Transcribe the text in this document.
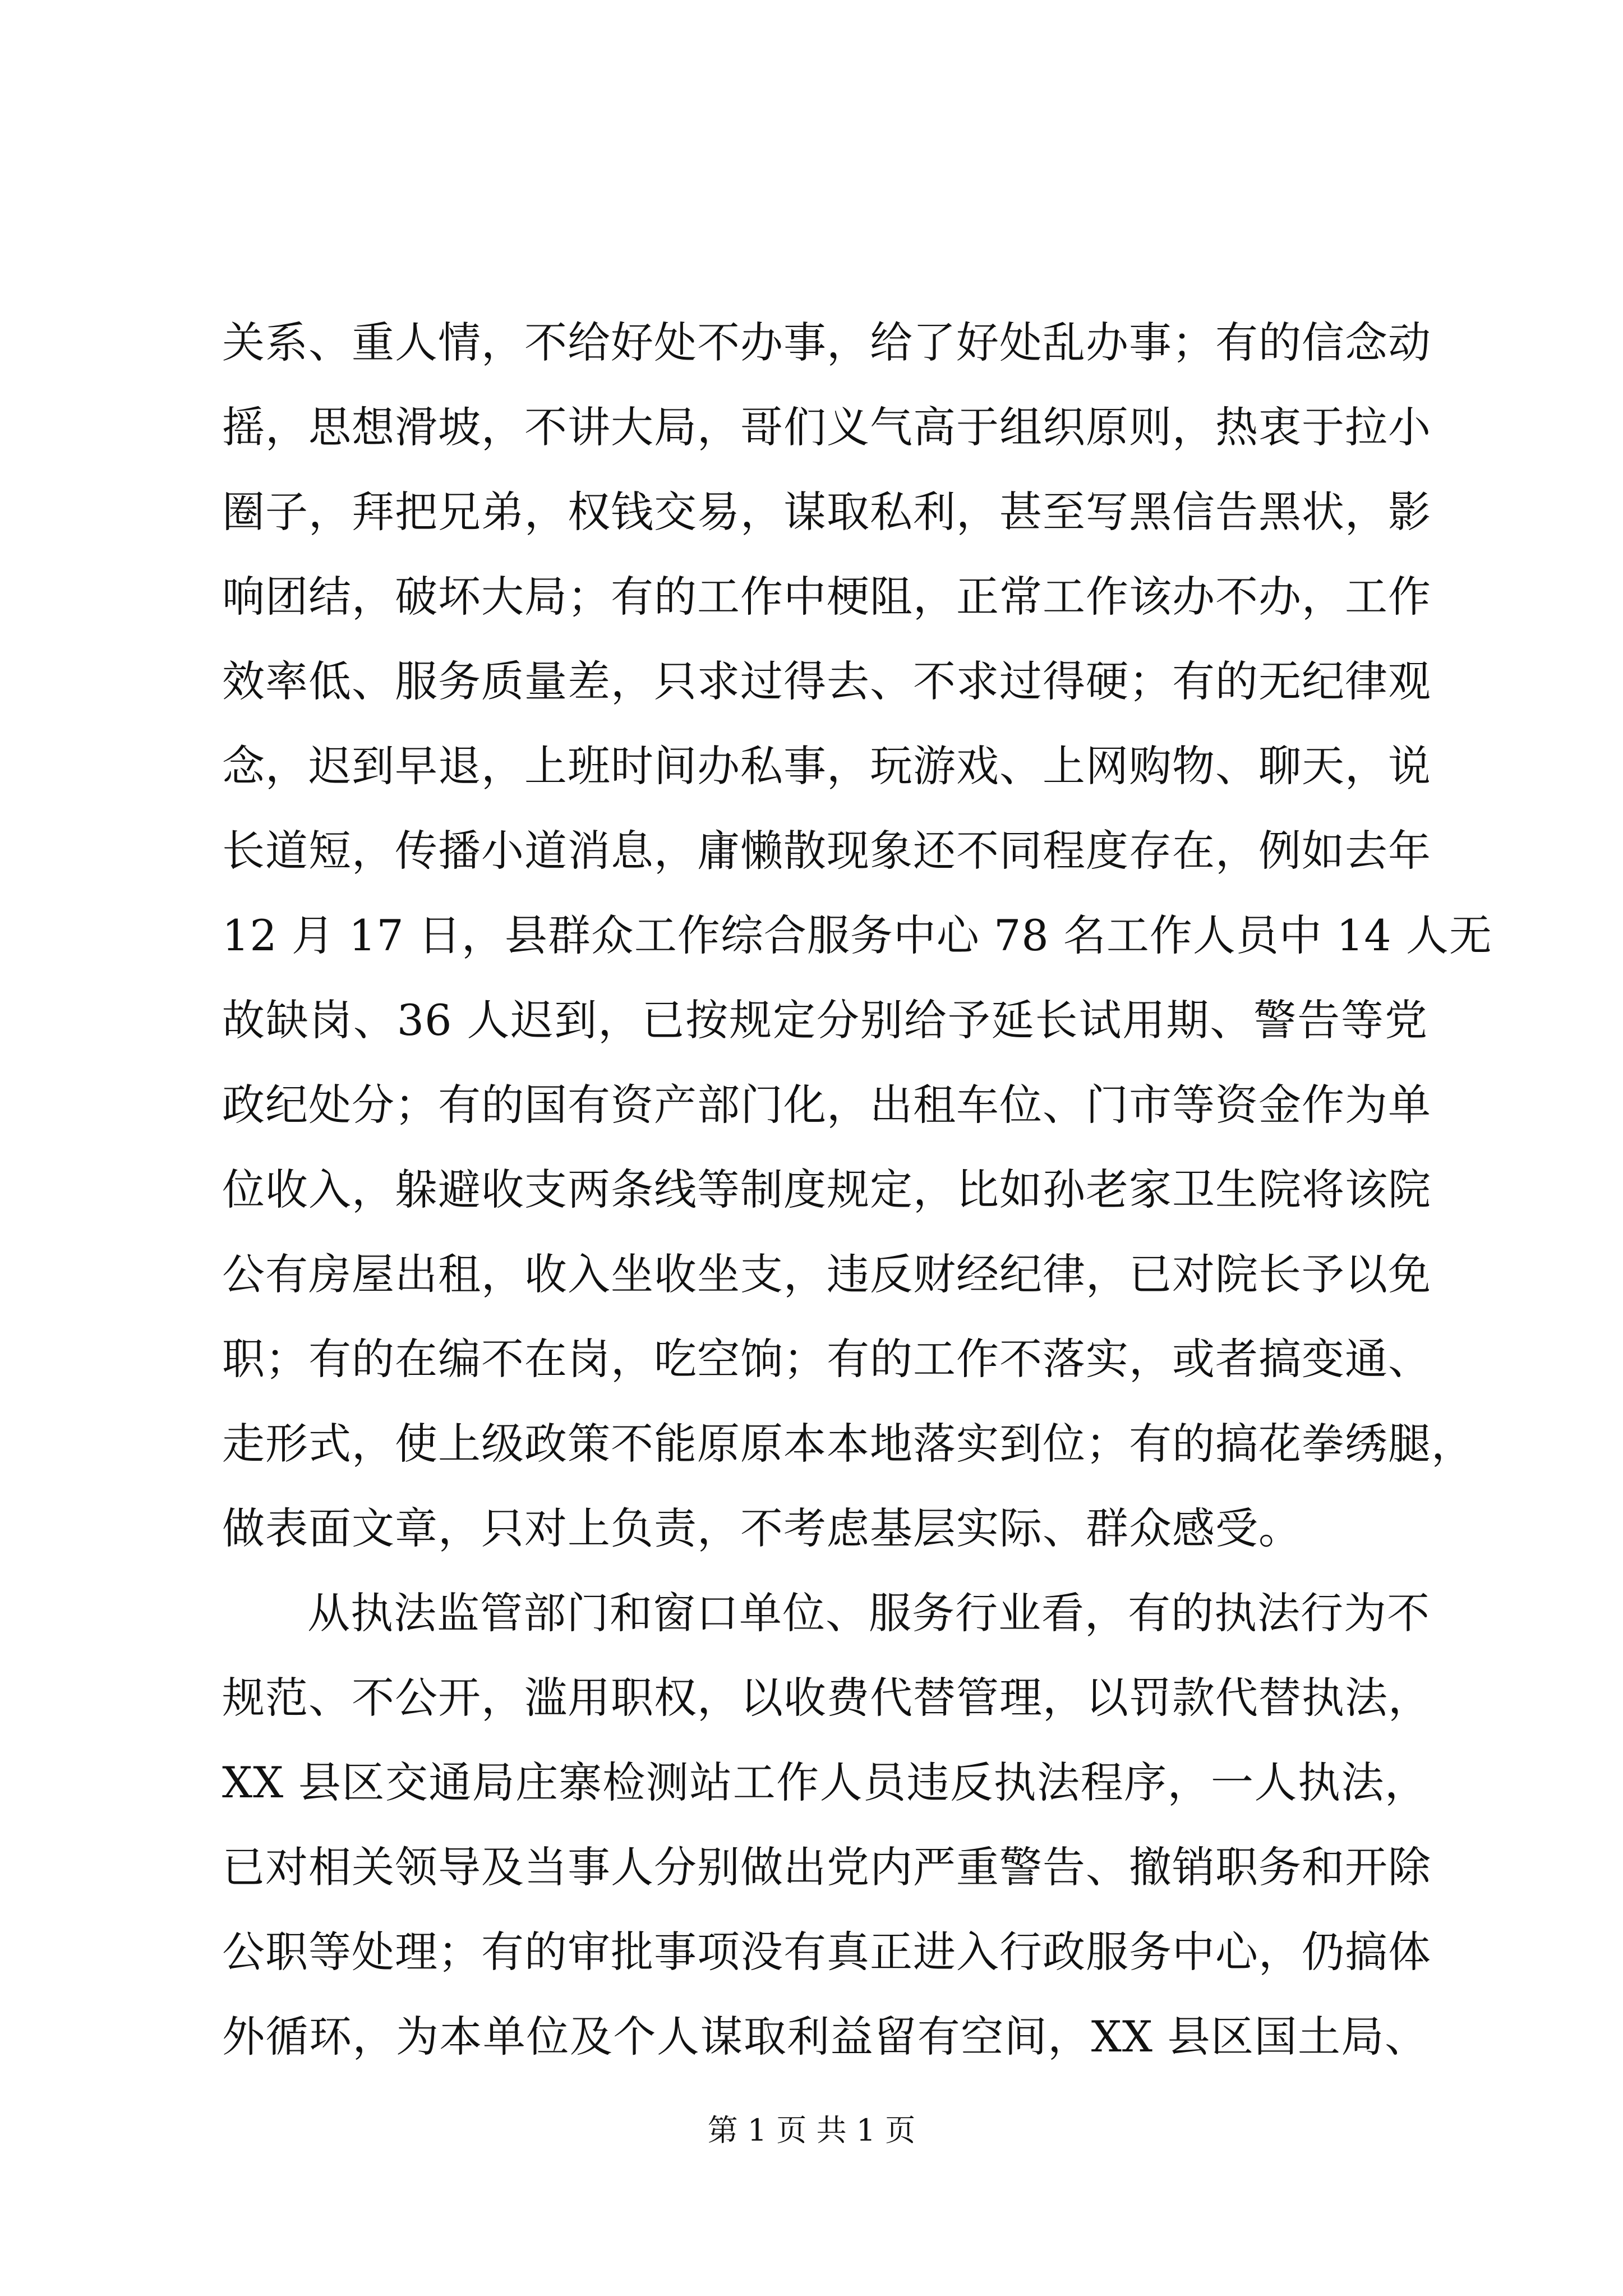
关系、重人情，不给好处不办事，给了好处乱办事；有的信念动
摇，思想滑坡，不讲大局，哥们义气高于组织原则，热衷于拉小
圈子，拜把兄弟，权钱交易，谋取私利，甚至写黑信告黑状，影
响团结，破坏大局；有的工作中梗阻，正常工作该办不办，工作
效率低、服务质量差，只求过得去、不求过得硬；有的无纪律观
念，迟到早退，上班时间办私事，玩游戏、上网购物、聊天，说
长道短，传播小道消息，庸懒散现象还不同程度存在，例如去年
12 月 17 日，县群众工作综合服务中心 78 名工作人员中 14 人无
故缺岗、36 人迟到，已按规定分别给予延长试用期、警告等党
政纪处分；有的国有资产部门化，出租车位、门市等资金作为单
位收入，躲避收支两条线等制度规定，比如孙老家卫生院将该院
公有房屋出租，收入坐收坐支，违反财经纪律，已对院长予以免
职；有的在编不在岗，吃空饷；有的工作不落实，或者搞变通、
走形式，使上级政策不能原原本本地落实到位；有的搞花拳绣腿，
做表面文章，只对上负责，不考虑基层实际、群众感受。
从执法监管部门和窗口单位、服务行业看，有的执法行为不
规范、不公开，滥用职权，以收费代替管理，以罚款代替执法，
XX 县区交通局庄寨检测站工作人员违反执法程序，一人执法，
已对相关领导及当事人分别做出党内严重警告、撤销职务和开除
公职等处理；有的审批事项没有真正进入行政服务中心，仍搞体
外循环，为本单位及个人谋取利益留有空间，XX 县区国土局、
第 1 页 共 1 页
